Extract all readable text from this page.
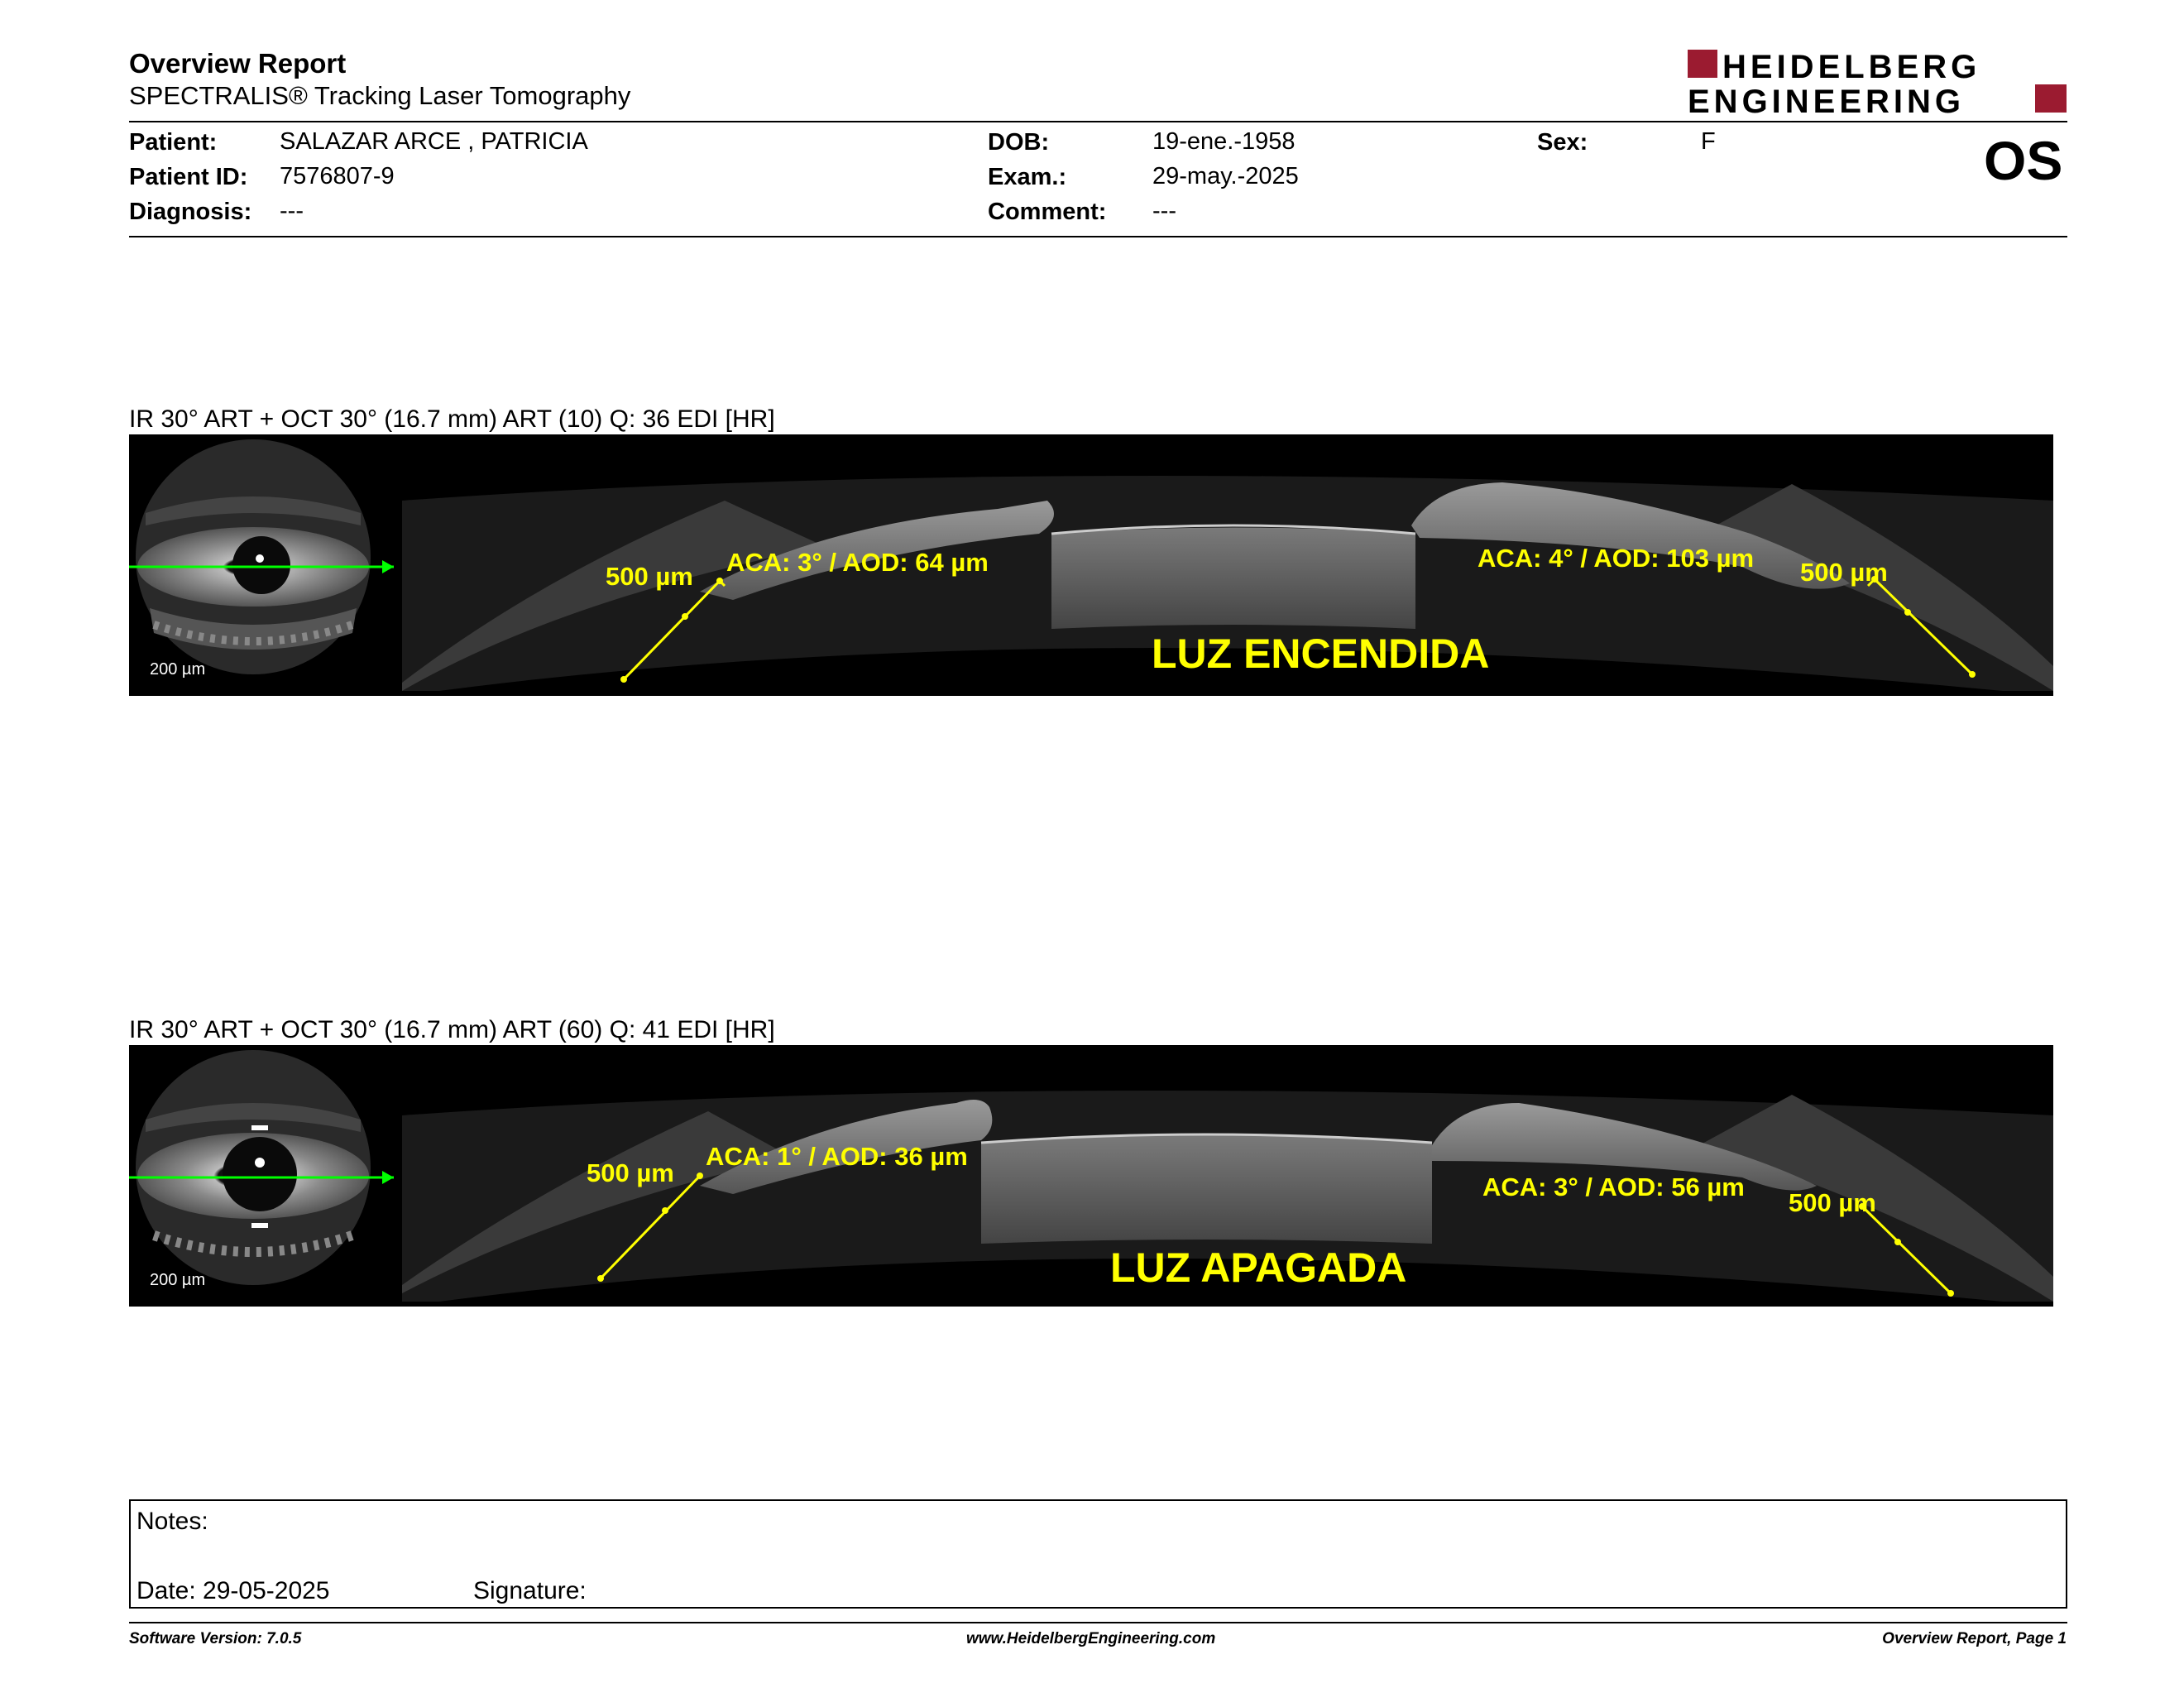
Overview Report
SPECTRALIS® Tracking Laser Tomography
HEIDELBERG
ENGINEERING
Patient:	SALAZAR ARCE , PATRICIA
Patient ID: 7576807-9
Diagnosis: ---
DOB:	19-ene.-1958
Exam.:	29-may.-2025
Comment: ---
Sex:	F	OS
IR 30° ART + OCT 30° (16.7 mm) ART (10) Q: 36 EDI [HR]
200 µm
500 µm ACA: 3° / AOD: 64 µm	ACA: 4° / AOD: 103 µm 500 µm
LUZ ENCENDIDA
IR 30° ART + OCT 30° (16.7 mm) ART (60) Q: 41 EDI [HR]
200 µm
500 µm
ACA: 1° / AOD: 36 µm
ACA: 3° / AOD: 56 µm
500 µm
LUZ APAGADA
Notes:
Date: 29-05-2025	Signature:
Software Version: 7.0.5	www.HeidelbergEngineering.com	Overview Report, Page 1
